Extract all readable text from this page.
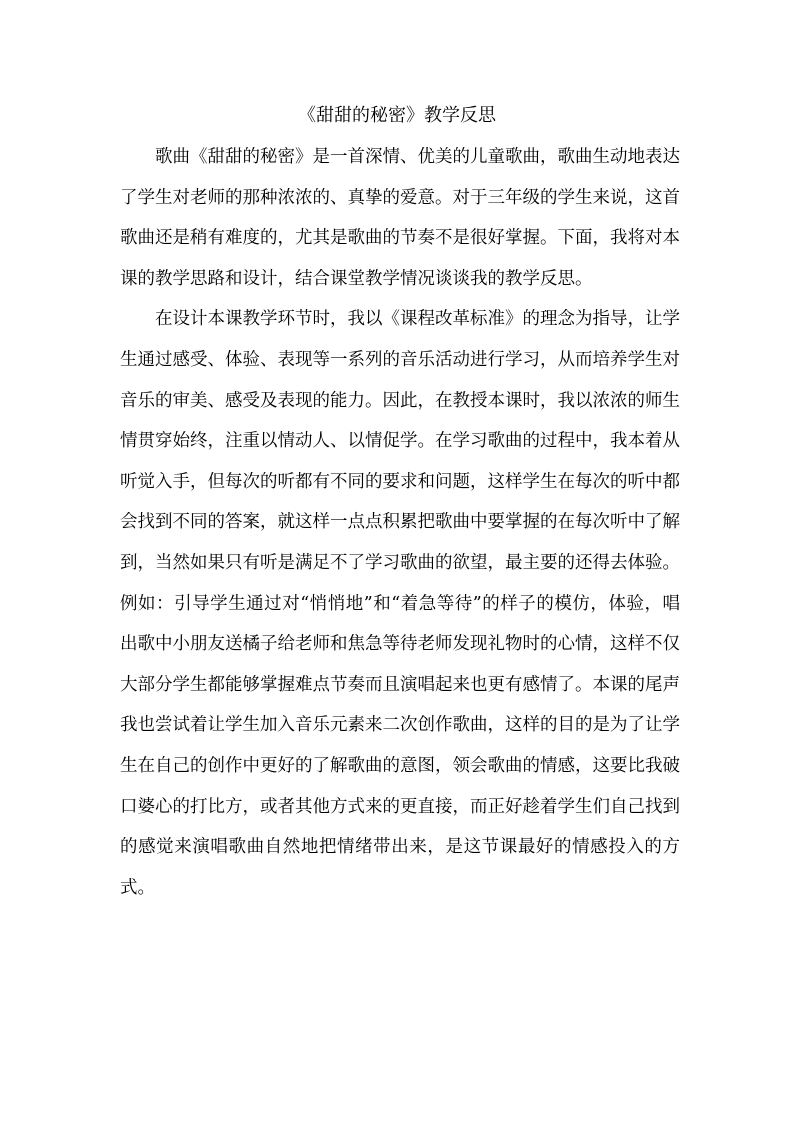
《甜甜的秘密》教学反思

歌曲《甜甜的秘密》是一首深情、优美的儿童歌曲，歌曲生动地表达了学生对老师的那种浓浓的、真挚的爱意。对于三年级的学生来说，这首歌曲还是稍有难度的，尤其是歌曲的节奏不是很好掌握。下面，我将对本课的教学思路和设计，结合课堂教学情况谈谈我的教学反思。

在设计本课教学环节时，我以《课程改革标准》的理念为指导，让学生通过感受、体验、表现等一系列的音乐活动进行学习，从而培养学生对音乐的审美、感受及表现的能力。因此，在教授本课时，我以浓浓的师生情贯穿始终，注重以情动人、以情促学。在学习歌曲的过程中，我本着从听觉入手，但每次的听都有不同的要求和问题，这样学生在每次的听中都会找到不同的答案，就这样一点点积累把歌曲中要掌握的在每次听中了解到，当然如果只有听是满足不了学习歌曲的欲望，最主要的还得去体验。例如：引导学生通过对“悄悄地”和“着急等待”的样子的模仿，体验，唱出歌中小朋友送橘子给老师和焦急等待老师发现礼物时的心情，这样不仅大部分学生都能够掌握难点节奏而且演唱起来也更有感情了。本课的尾声我也尝试着让学生加入音乐元素来二次创作歌曲，这样的目的是为了让学生在自己的创作中更好的了解歌曲的意图，领会歌曲的情感，这要比我破口婆心的打比方，或者其他方式来的更直接，而正好趁着学生们自己找到的感觉来演唱歌曲自然地把情绪带出来，是这节课最好的情感投入的方式。
